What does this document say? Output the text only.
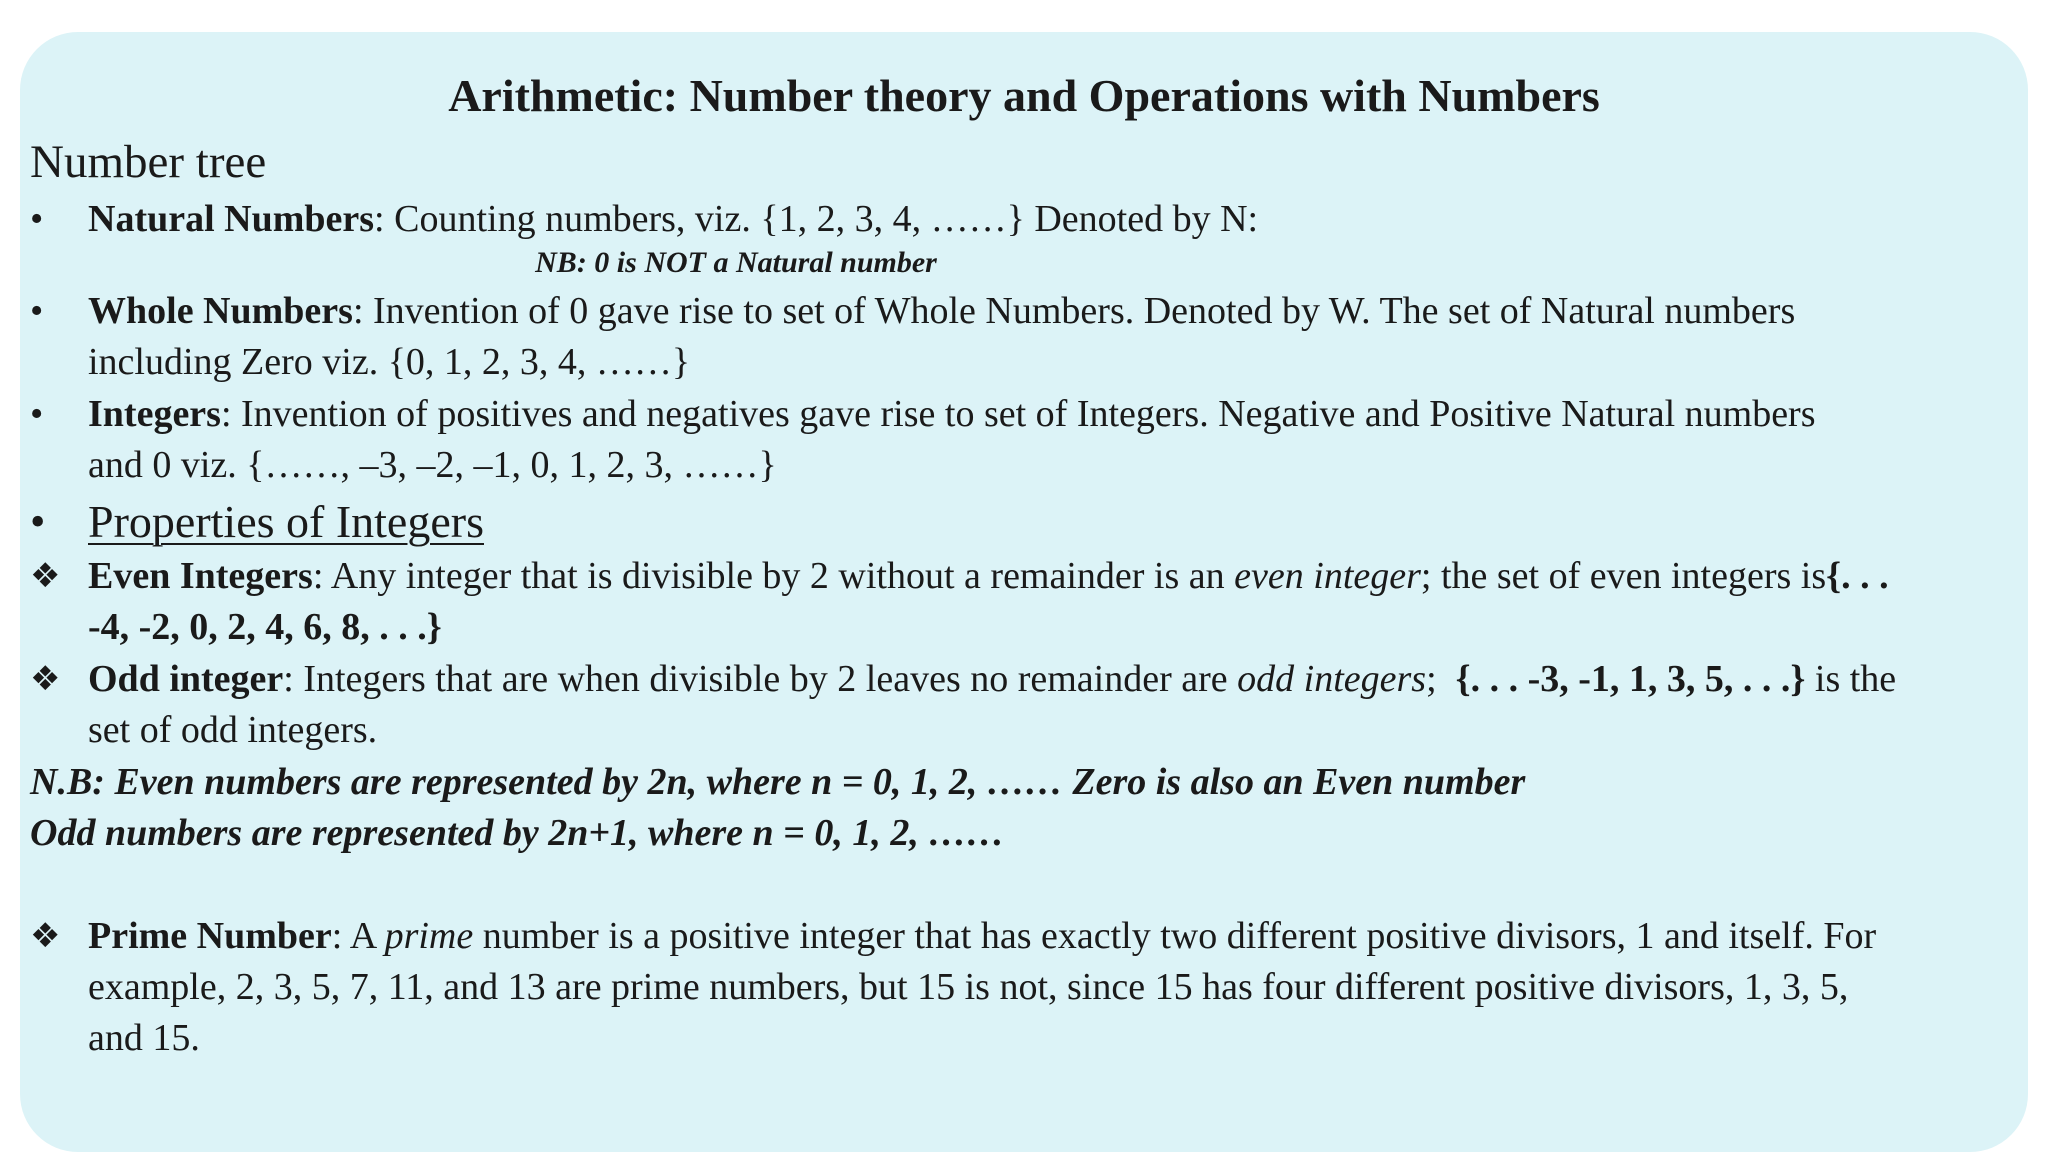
Arithmetic: Number theory and Operations with Numbers
Number tree
•	Natural Numbers: Counting numbers, viz. {1, 2, 3, 4, ……} Denoted by N:
NB: 0 is NOT a Natural number
•	Whole Numbers: Invention of 0 gave rise to set of Whole Numbers. Denoted by W. The set of Natural numbers
including Zero viz. {0, 1, 2, 3, 4, ……}
•	Integers: Invention of positives and negatives gave rise to set of Integers. Negative and Positive Natural numbers
and 0 viz. {……, –3, –2, –1, 0, 1, 2, 3, ……}
• Properties of Integers
❖ Even Integers: Any integer that is divisible by 2 without a remainder is an even integer; the set of even integers is{. . .
-4, -2, 0, 2, 4, 6, 8, . . .}
❖ Odd integer: Integers that are when divisible by 2 leaves no remainder are odd integers;  {. . . -3, -1, 1, 3, 5, . . .} is the
set of odd integers.
N.B: Even numbers are represented by 2n, where n = 0, 1, 2, …… Zero is also an Even number
Odd numbers are represented by 2n+1, where n = 0, 1, 2, ……
❖ Prime Number: A prime number is a positive integer that has exactly two different positive divisors, 1 and itself. For
example, 2, 3, 5, 7, 11, and 13 are prime numbers, but 15 is not, since 15 has four different positive divisors, 1, 3, 5,
and 15.
